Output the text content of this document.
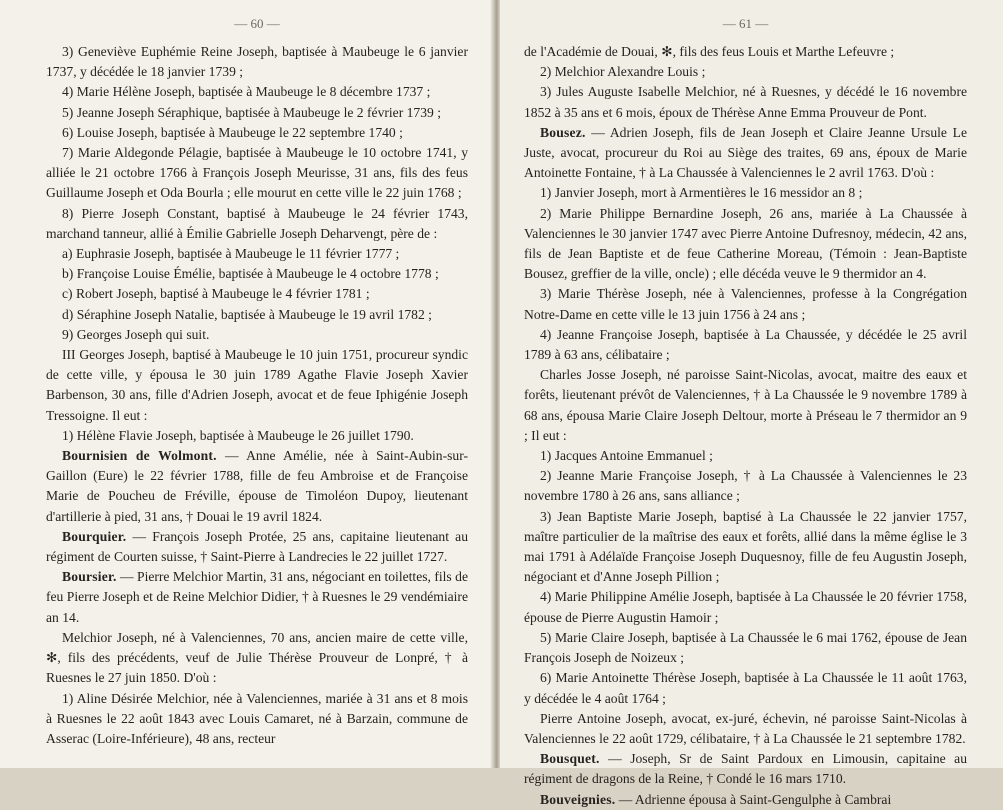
— 60 —

3) Geneviève Euphémie Reine Joseph, baptisée à Maubeuge le 6 janvier 1737, y décédée le 18 janvier 1739 ;

4) Marie Hélène Joseph, baptisée à Maubeuge le 8 décembre 1737 ;

5) Jeanne Joseph Séraphique, baptisée à Maubeuge le 2 février 1739 ;

6) Louise Joseph, baptisée à Maubeuge le 22 septembre 1740 ;

7) Marie Aldegonde Pélagie, baptisée à Maubeuge le 10 octobre 1741, y alliée le 21 octobre 1766 à François Joseph Meurisse, 31 ans, fils des feus Guillaume Joseph et Oda Bourla ; elle mourut en cette ville le 22 juin 1768 ;

8) Pierre Joseph Constant, baptisé à Maubeuge le 24 février 1743, marchand tanneur, allié à Émilie Gabrielle Joseph Deharvengt, père de :

a) Euphrasie Joseph, baptisée à Maubeuge le 11 février 1777 ;

b) Françoise Louise Émélie, baptisée à Maubeuge le 4 octobre 1778 ;

c) Robert Joseph, baptisé à Maubeuge le 4 février 1781 ;

d) Séraphine Joseph Natalie, baptisée à Maubeuge le 19 avril 1782 ;

9) Georges Joseph qui suit.

III Georges Joseph, baptisé à Maubeuge le 10 juin 1751, procureur syndic de cette ville, y épousa le 30 juin 1789 Agathe Flavie Joseph Xavier Barbenson, 30 ans, fille d'Adrien Joseph, avocat et de feue Iphigénie Joseph Tressoigne. Il eut :

1) Hélène Flavie Joseph, baptisée à Maubeuge le 26 juillet 1790.

Bournisien de Wolmont. — Anne Amélie, née à Saint-Aubin-sur-Gaillon (Eure) le 22 février 1788, fille de feu Ambroise et de Françoise Marie de Poucheu de Fréville, épouse de Timoléon Dupoy, lieutenant d'artillerie à pied, 31 ans, † Douai le 19 avril 1824.

Bourquier. — François Joseph Protée, 25 ans, capitaine lieutenant au régiment de Courten suisse, † Saint-Pierre à Landrecies le 22 juillet 1727.

Boursier. — Pierre Melchior Martin, 31 ans, négociant en toilettes, fils de feu Pierre Joseph et de Reine Melchior Didier, † à Ruesnes le 29 vendémiaire an 14.

Melchior Joseph, né à Valenciennes, 70 ans, ancien maire de cette ville, ✻, fils des précédents, veuf de Julie Thérèse Prouveur de Lonpré, † à Ruesnes le 27 juin 1850. D'où :

1) Aline Désirée Melchior, née à Valenciennes, mariée à 31 ans et 8 mois à Ruesnes le 22 août 1843 avec Louis Camaret, né à Barzain, commune de Asserac (Loire-Inférieure), 48 ans, recteur

— 61 —

de l'Académie de Douai, ✻, fils des feus Louis et Marthe Lefeuvre ;

2) Melchior Alexandre Louis ;

3) Jules Auguste Isabelle Melchior, né à Ruesnes, y décédé le 16 novembre 1852 à 35 ans et 6 mois, époux de Thérèse Anne Emma Prouveur de Pont.

Bousez. — Adrien Joseph, fils de Jean Joseph et Claire Jeanne Ursule Le Juste, avocat, procureur du Roi au Siège des traites, 69 ans, époux de Marie Antoinette Fontaine, † à La Chaussée à Valenciennes le 2 avril 1763. D'où :

1) Janvier Joseph, mort à Armentières le 16 messidor an 8 ;

2) Marie Philippe Bernardine Joseph, 26 ans, mariée à La Chaussée à Valenciennes le 30 janvier 1747 avec Pierre Antoine Dufresnoy, médecin, 42 ans, fils de Jean Baptiste et de feue Catherine Moreau, (Témoin : Jean-Baptiste Bousez, greffier de la ville, oncle) ; elle décéda veuve le 9 thermidor an 4.

3) Marie Thérèse Joseph, née à Valenciennes, professe à la Congrégation Notre-Dame en cette ville le 13 juin 1756 à 24 ans ;

4) Jeanne Françoise Joseph, baptisée à La Chaussée, y décédée le 25 avril 1789 à 63 ans, célibataire ;

Charles Josse Joseph, né paroisse Saint-Nicolas, avocat, maitre des eaux et forêts, lieutenant prévôt de Valenciennes, † à La Chaussée le 9 novembre 1789 à 68 ans, épousa Marie Claire Joseph Deltour, morte à Préseau le 7 thermidor an 9 ; Il eut :

1) Jacques Antoine Emmanuel ;

2) Jeanne Marie Françoise Joseph, † à La Chaussée à Valenciennes le 23 novembre 1780 à 26 ans, sans alliance ;

3) Jean Baptiste Marie Joseph, baptisé à La Chaussée le 22 janvier 1757, maître particulier de la maîtrise des eaux et forêts, allié dans la même église le 3 mai 1791 à Adélaïde Françoise Joseph Duquesnoy, fille de feu Augustin Joseph, négociant et d'Anne Joseph Pillion ;

4) Marie Philippine Amélie Joseph, baptisée à La Chaussée le 20 février 1758, épouse de Pierre Augustin Hamoir ;

5) Marie Claire Joseph, baptisée à La Chaussée le 6 mai 1762, épouse de Jean François Joseph de Noizeux ;

6) Marie Antoinette Thérèse Joseph, baptisée à La Chaussée le 11 août 1763, y décédée le 4 août 1764 ;

Pierre Antoine Joseph, avocat, ex-juré, échevin, né paroisse Saint-Nicolas à Valenciennes le 22 août 1729, célibataire, † à La Chaussée le 21 septembre 1782.

Bousquet. — Joseph, Sr de Saint Pardoux en Limousin, capitaine au régiment de dragons de la Reine, † Condé le 16 mars 1710.

Bouveignies. — Adrienne épousa à Saint-Gengulphe à Cambrai
